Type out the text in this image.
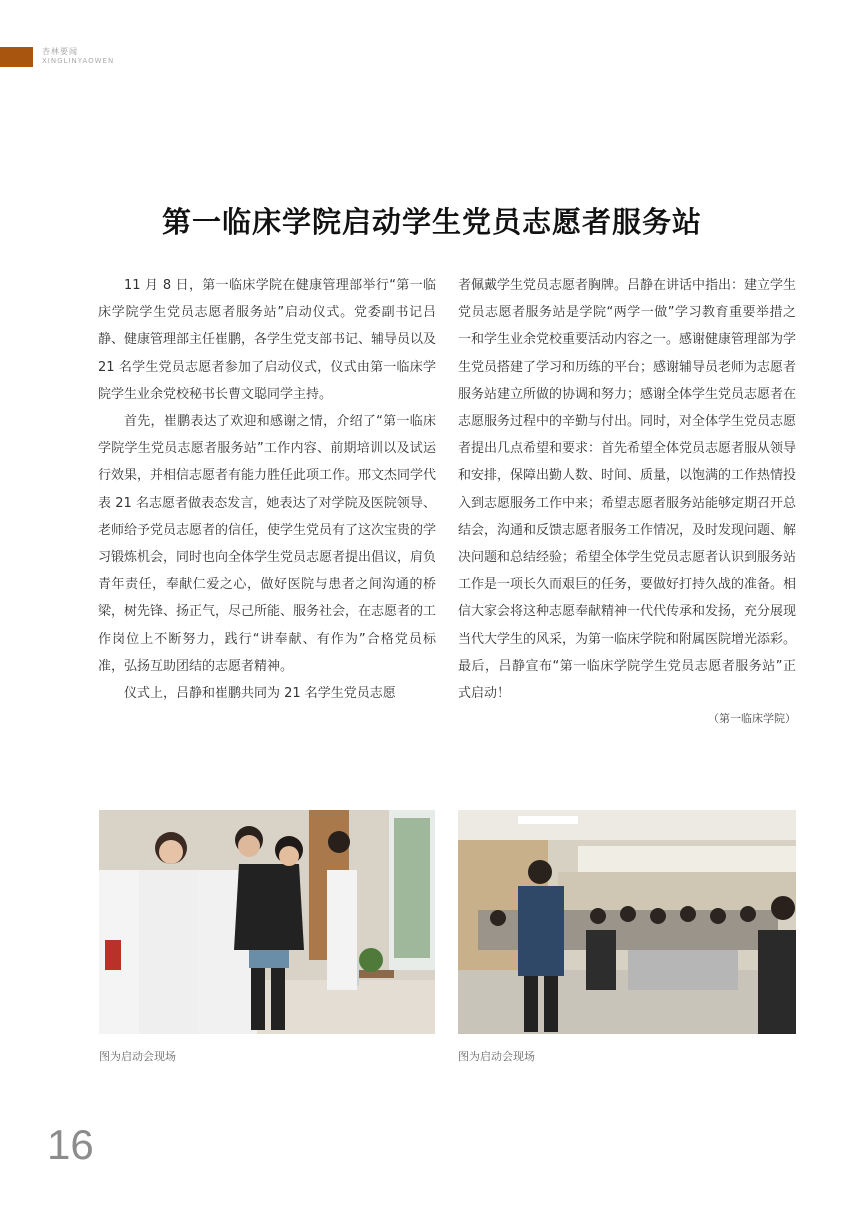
杏林要闻
XINGLINYAOWEN
第一临床学院启动学生党员志愿者服务站

11 月 8 日，第一临床学院在健康管理部举行“第一临床学院学生党员志愿者服务站”启动仪式。党委副书记吕静、健康管理部主任崔鹏，各学生党支部书记、辅导员以及 21 名学生党员志愿者参加了启动仪式，仪式由第一临床学院学生业余党校秘书长曹文聪同学主持。

首先，崔鹏表达了欢迎和感谢之情，介绍了“第一临床学院学生党员志愿者服务站”工作内容、前期培训以及试运行效果，并相信志愿者有能力胜任此项工作。邢文杰同学代表 21 名志愿者做表态发言，她表达了对学院及医院领导、老师给予党员志愿者的信任，使学生党员有了这次宝贵的学习锻炼机会，同时也向全体学生党员志愿者提出倡议，肩负青年责任，奉献仁爱之心，做好医院与患者之间沟通的桥梁，树先锋、扬正气，尽己所能、服务社会，在志愿者的工作岗位上不断努力，践行“讲奉献、有作为”合格党员标准，弘扬互助团结的志愿者精神。

仪式上，吕静和崔鹏共同为 21 名学生党员志愿

者佩戴学生党员志愿者胸牌。吕静在讲话中指出：建立学生党员志愿者服务站是学院“两学一做”学习教育重要举措之一和学生业余党校重要活动内容之一。感谢健康管理部为学生党员搭建了学习和历练的平台；感谢辅导员老师为志愿者服务站建立所做的协调和努力；感谢全体学生党员志愿者在志愿服务过程中的辛勤与付出。同时，对全体学生党员志愿者提出几点希望和要求：首先希望全体党员志愿者服从领导和安排，保障出勤人数、时间、质量，以饱满的工作热情投入到志愿服务工作中来；希望志愿者服务站能够定期召开总结会，沟通和反馈志愿者服务工作情况，及时发现问题、解决问题和总结经验；希望全体学生党员志愿者认识到服务站工作是一项长久而艰巨的任务，要做好打持久战的准备。相信大家会将这种志愿奉献精神一代代传承和发扬，充分展现当代大学生的风采，为第一临床学院和附属医院增光添彩。最后，吕静宣布“第一临床学院学生党员志愿者服务站”正式启动！

（第一临床学院）
图为启动会现场	图为启动会现场
16
